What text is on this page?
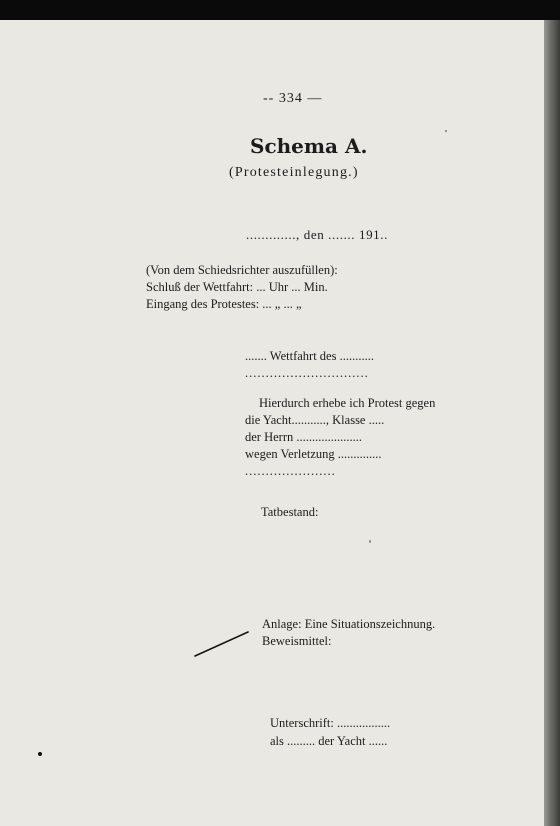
-- 334 —
Schema A.
(Protesteinlegung.)
............., den ....... 191..
(Von dem Schiedsrichter auszufüllen):
Schluß der Wettfahrt: ... Uhr ... Min.
Eingang des Protestes: ... „ ... „
....... Wettfahrt des ...........
..............................
Hierdurch erhebe ich Protest gegen
die Yacht..........., Klasse .....
der Herrn .....................
wegen Verletzung ..............
......................
Tatbestand:
Anlage: Eine Situationszeichnung.
Beweismittel:
Unterschrift: .................
als ......... der Yacht ......
